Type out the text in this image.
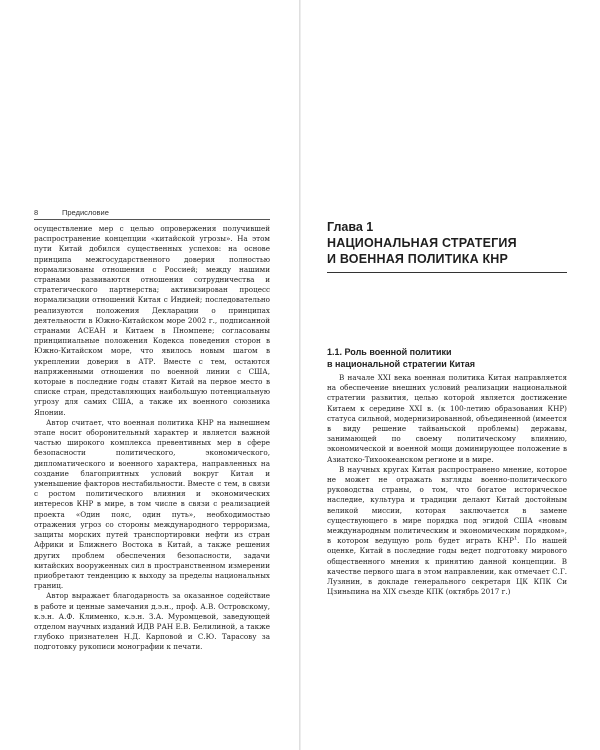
8	Предисловие

осуществление мер с целью опровержения получившей распространение концепции «китайской угрозы». На этом пути Китай добился существенных успехов: на основе принципа межгосударственного доверия полностью нормализованы отношения с Россией; между нашими странами развиваются отношения сотрудничества и стратегического партнерства; активизирован процесс нормализации отношений Китая с Индией; последовательно реализуются положения Декларации о принципах деятельности в Южно-Китайском море 2002 г., подписанной странами АСЕАН и Китаем в Пномпене; согласованы принципиальные положения Кодекса поведения сторон в Южно-Китайском море, что явилось новым шагом в укреплении доверия в АТР. Вместе с тем, остаются напряженными отношения по военной линии с США, которые в последние годы ставят Китай на первое место в списке стран, представляющих наибольшую потенциальную угрозу для самих США, а также их военного союзника Японии.

Автор считает, что военная политика КНР на нынешнем этапе носит оборонительный характер и является важной частью широкого комплекса превентивных мер в сфере безопасности политического, экономического, дипломатического и военного характера, направленных на создание благоприятных условий вокруг Китая и уменьшение факторов нестабильности. Вместе с тем, в связи с ростом политического влияния и экономических интересов КНР в мире, в том числе в связи с реализацией проекта «Один пояс, один путь», необходимостью отражения угроз со стороны международного терроризма, защиты морских путей транспортировки нефти из стран Африки и Ближнего Востока в Китай, а также решения других проблем обеспечения безопасности, задачи китайских вооруженных сил в пространственном измерении приобретают тенденцию к выходу за пределы национальных границ.

Автор выражает благодарность за оказанное содействие в работе и ценные замечания д.э.н., проф. А.В. Островскому, к.э.н. А.Ф. Клименко, к.э.н. З.А. Муромцевой, заведующей отделом научных изданий ИДВ РАН Е.В. Белилиной, а также глубоко признателен Н.Д. Карповой и С.Ю. Тарасову за подготовку рукописи монографии к печати.

Глава 1
НАЦИОНАЛЬНАЯ СТРАТЕГИЯ
И ВОЕННАЯ ПОЛИТИКА КНР
1.1. Роль военной политики
в национальной стратегии Китая

В начале XXI века военная политика Китая направляется на обеспечение внешних условий реализации национальной стратегии развития, целью которой является достижение Китаем к середине XXI в. (к 100-летию образования КНР) статуса сильной, модернизированной, объединенной (имеется в виду решение тайваньской проблемы) державы, занимающей по своему политическому влиянию, экономической и военной мощи доминирующее положение в Азиатско-Тихоокеанском регионе и в мире.

В научных кругах Китая распространено мнение, которое не может не отражать взгляды военно-политического руководства страны, о том, что богатое историческое наследие, культура и традиции делают Китай достойным великой миссии, которая заключается в замене существующего в мире порядка под эгидой США «новым международным политическим и экономическим порядком», в котором ведущую роль будет играть КНР$^1$. По нашей оценке, Китай в последние годы ведет подготовку мирового общественного мнения к принятию данной концепции. В качестве первого шага в этом направлении, как отмечает С.Г. Лузянин, в докладе генерального секретаря ЦК КПК Си Цзиньпина на XIX съезде КПК (октябрь 2017 г.)
